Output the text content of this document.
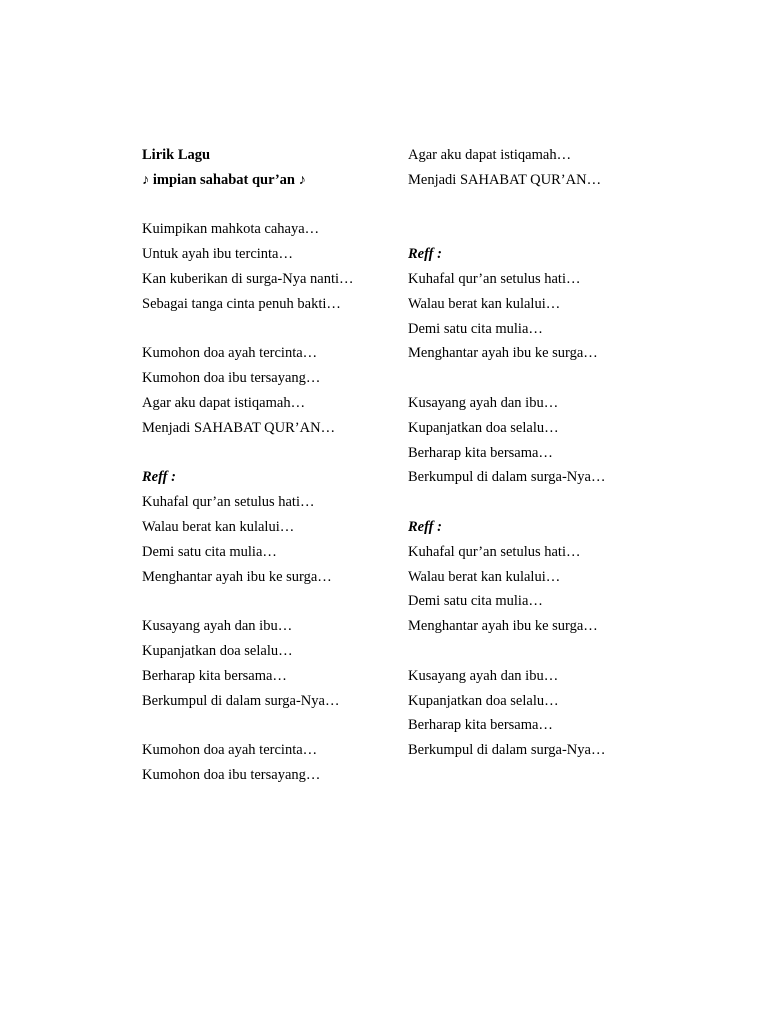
Lirik Lagu
♪ impian sahabat qur’an ♪
Kuimpikan mahkota cahaya…
Untuk ayah ibu tercinta…
Kan kuberikan di surga-Nya nanti…
Sebagai tanga cinta penuh bakti…
Kumohon doa ayah tercinta…
Kumohon doa ibu tersayang…
Agar aku dapat istiqamah…
Menjadi SAHABAT QUR’AN…
Reff :
Kuhafal qur’an setulus hati…
Walau berat kan kulalui…
Demi satu cita mulia…
Menghantar ayah ibu ke surga…
Kusayang ayah dan ibu…
Kupanjatkan doa selalu…
Berharap kita bersama…
Berkumpul di dalam surga-Nya…
Kumohon doa ayah tercinta…
Kumohon doa ibu tersayang…
Agar aku dapat istiqamah…
Menjadi SAHABAT QUR’AN…
Reff :
Kuhafal qur’an setulus hati…
Walau berat kan kulalui…
Demi satu cita mulia…
Menghantar ayah ibu ke surga…
Kusayang ayah dan ibu…
Kupanjatkan doa selalu…
Berharap kita bersama…
Berkumpul di dalam surga-Nya…
Reff :
Kuhafal qur’an setulus hati…
Walau berat kan kulalui…
Demi satu cita mulia…
Menghantar ayah ibu ke surga…
Kusayang ayah dan ibu…
Kupanjatkan doa selalu…
Berharap kita bersama…
Berkumpul di dalam surga-Nya…
